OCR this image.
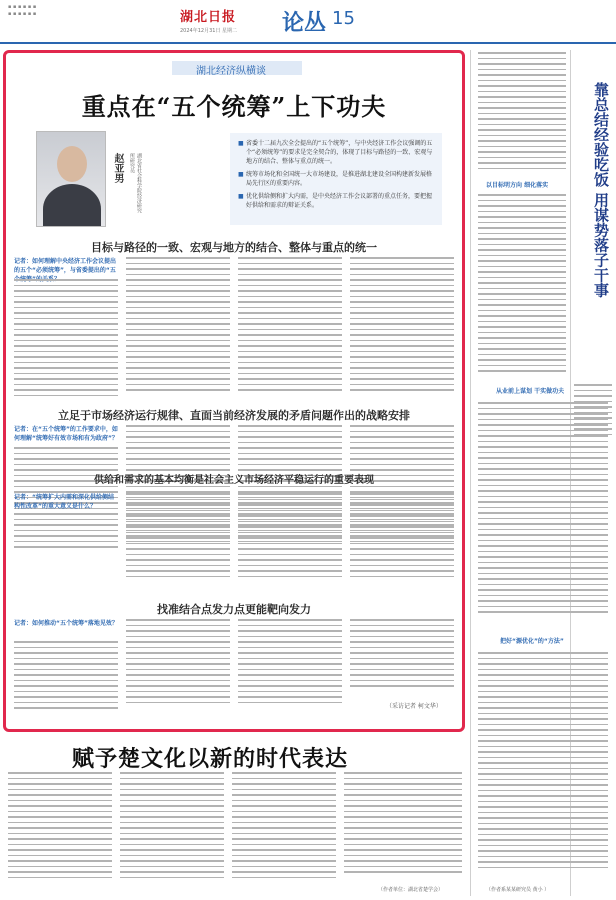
▪ ▪ ▪ ▪ ▪ ▪
▪ ▪ ▪ ▪ ▪ ▪	湖北日报
2024年12月31日 星期二 论丛 15
湖北经济纵横谈
重点在“五个统筹”上下功夫
赵亚男	湖北省社会科学院经济研究所研究员
■ 省委十二届九次全会提出的“五个统筹”，与中央经济工作会议强调的五个“必须统筹”的要求是完全契合的，体现了目标与路径的一致、宏观与地方的结合、整体与重点的统一。
■ 统筹市场化和全国统一大市场建设，是推进湖北建设全国构建新发展格局先行区的重要内容。
■ 优化供给侧和扩大内需，是中央经济工作会议部署的重点任务，要把握好供给和需求的辩证关系。
目标与路径的一致、宏观与地方的结合、整体与重点的统一
记者：如何理解中央经济工作会议提出的五个“必须统筹”，与省委提出的“五
立足于市场经济运行规律、直面当前经济发展的矛盾问题作出的战略安排
记者：在“五个统筹”的工作要求中，如何理解“统筹好有效市场和有为政府”？
供给和需求的基本均衡是社会主义市场经济平稳运行的重要表现
记者：“统筹扩大内需和深化供给侧结构性改革”的重大意义是什么？
找准结合点发力点更能靶向发力
记者：如何推动“五个统筹”落地见效？
（采访记者 柯文华）
靠总结经验吃饭 用谋势落子干事
以目标明方向 细化落实
从业前上谋划 干实做功夫
把好“源优化”的“方法”
（作者系某某研究员 黄小 ）
赋予楚文化以新的时代表达
（作者单位：湖北省楚学会）
